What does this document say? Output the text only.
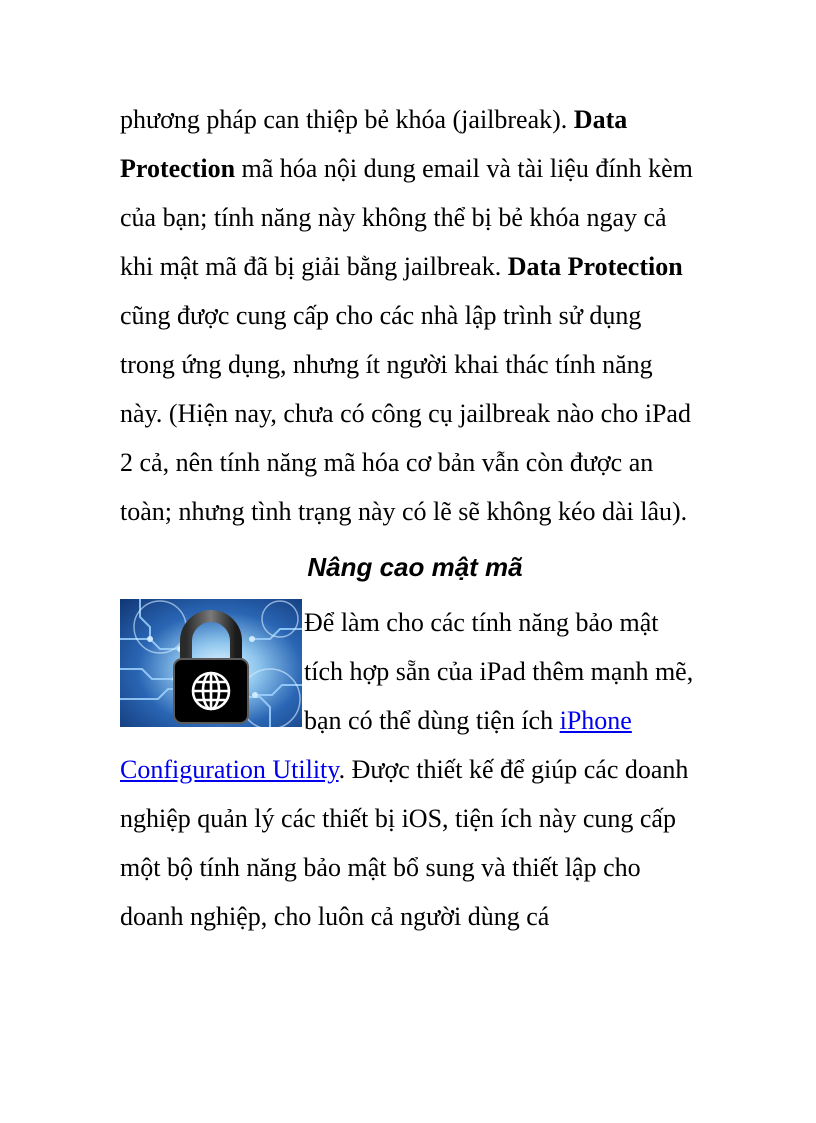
phương pháp can thiệp bẻ khóa (jailbreak). Data Protection mã hóa nội dung email và tài liệu đính kèm của bạn; tính năng này không thể bị bẻ khóa ngay cả khi mật mã đã bị giải bằng jailbreak. Data Protection cũng được cung cấp cho các nhà lập trình sử dụng trong ứng dụng, nhưng ít người khai thác tính năng này. (Hiện nay, chưa có công cụ jailbreak nào cho iPad 2 cả, nên tính năng mã hóa cơ bản vẫn còn được an toàn; nhưng tình trạng này có lẽ sẽ không kéo dài lâu).

Nâng cao mật mã

Để làm cho các tính năng bảo mật tích hợp sẵn của iPad thêm mạnh mẽ, bạn có thể dùng tiện ích iPhone Configuration Utility. Được thiết kế để giúp các doanh nghiệp quản lý các thiết bị iOS, tiện ích này cung cấp một bộ tính năng bảo mật bổ sung và thiết lập cho doanh nghiệp, cho luôn cả người dùng cá
